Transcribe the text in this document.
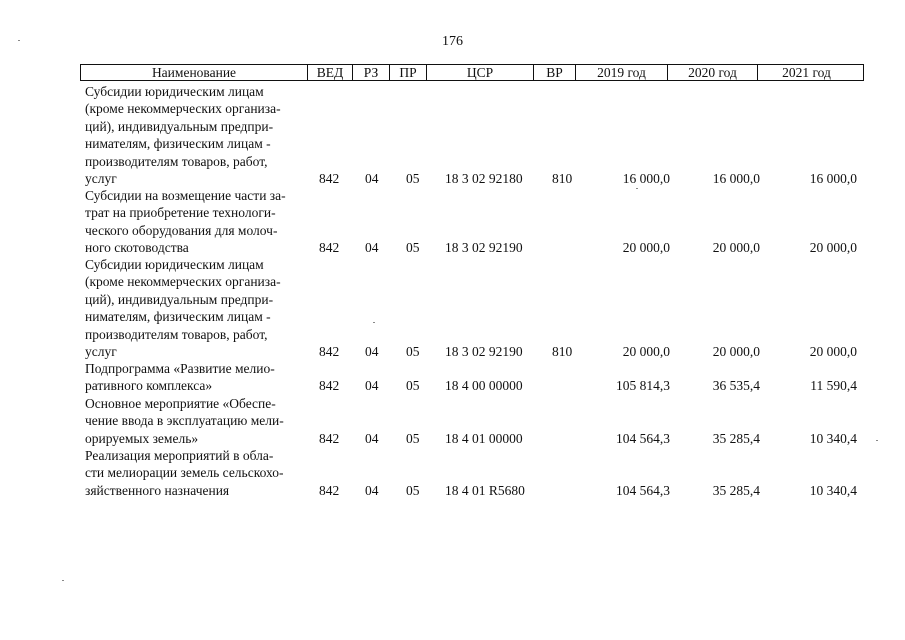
176
Наименование	ВЕД	РЗ	ПР	ЦСР	ВР	2019 год	2020 год	2021 год
Субсидии юридическим лицам
(кроме некоммерческих организа-
ций), индивидуальным предпри-
нимателям, физическим лицам -
производителям товаров, работ,
услуг	842 04 05 18 3 02 92180 810	16 000,0	16 000,0	16 000,0
Субсидии на возмещение части за-
трат на приобретение технологи-
ческого оборудования для молоч-
ного скотоводства	842 04 05 18 3 02 92190	20 000,0	20 000,0	20 000,0
Субсидии юридическим лицам
(кроме некоммерческих организа-
ций), индивидуальным предпри-
нимателям, физическим лицам -
производителям товаров, работ,
услуг	842 04 05 18 3 02 92190 810	20 000,0	20 000,0	20 000,0
Подпрограмма «Развитие мелио-
ративного комплекса»	842 04 05 18 4 00 00000	105 814,3	36 535,4	11 590,4
Основное мероприятие «Обеспе-
чение ввода в эксплуатацию мели-
орируемых земель»	842 04 05 18 4 01 00000	104 564,3	35 285,4	10 340,4
Реализация мероприятий в обла-
сти мелиорации земель сельскохо-
зяйственного назначения	842 04 05 18 4 01 R5680	104 564,3	35 285,4	10 340,4
